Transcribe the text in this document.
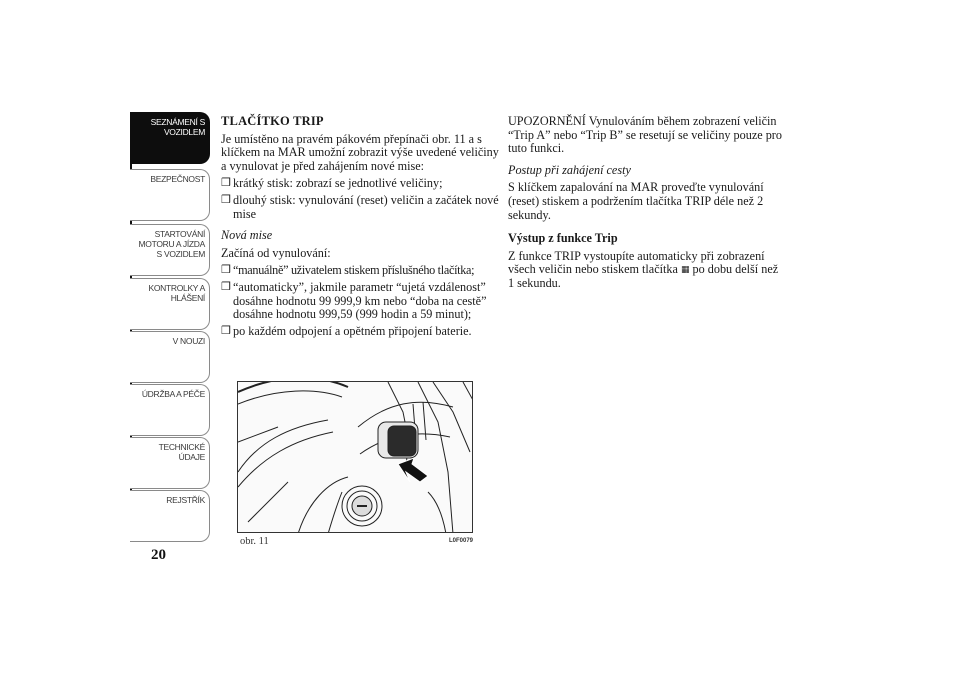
SEZNÁMENÍ S
VOZIDLEM
BEZPEČNOST
STARTOVÁNÍ
MOTORU A JÍZDA
S VOZIDLEM
KONTROLKY A
HLÁŠENÍ
V NOUZI
ÚDRŽBA A PÉČE
TECHNICKÉ
ÚDAJE
REJSTŘÍK
20
TLAČÍTKO TRIP
Je umístěno na pravém pákovém přepínači obr. 11 a s klíčkem na MAR umožní zobrazit výše uvedené veličiny a vynulovat je před zahájením nové mise:
❒ krátký stisk: zobrazí se jednotlivé veličiny;
❒ dlouhý stisk: vynulování (reset) veličin a začátek nové mise
Nová mise
Začíná od vynulování:
❒ “manuálně” uživatelem stiskem příslušného tlačítka;
❒ “automaticky”, jakmile parametr “ujetá vzdálenost” dosáhne hodnotu 99 999,9 km nebo “doba na cestě” dosáhne hodnotu 999,59 (999 hodin a 59 minut);
❒ po každém odpojení a opětném připojení baterie.
UPOZORNĚNÍ Vynulováním během zobrazení veličin “Trip A” nebo “Trip B” se resetují se veličiny pouze pro tuto funkci.
Postup při zahájení cesty
S klíčkem zapalování na MAR proveďte vynulování (reset) stiskem a podržením tlačítka TRIP déle než 2 sekundy.
Výstup z funkce Trip
Z funkce TRIP vystoupíte automaticky při zobrazení všech veličin nebo stiskem tlačítka ▦ po dobu delší než 1 sekundu.
obr. 11	L0F0079
